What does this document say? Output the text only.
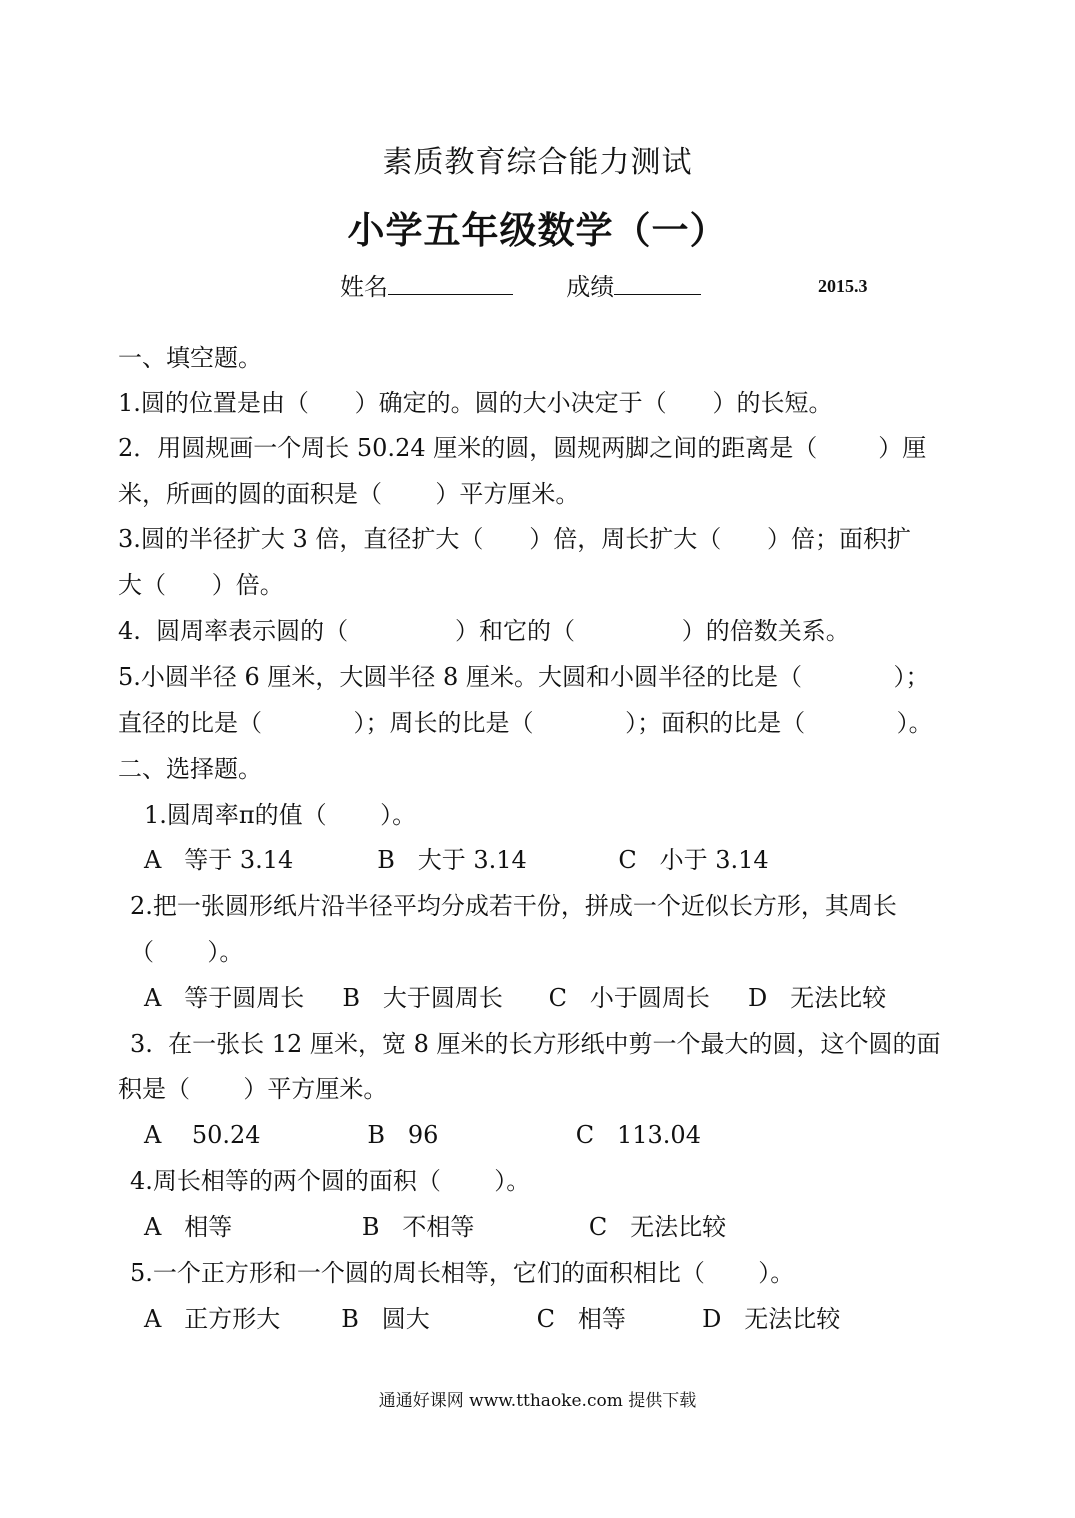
素质教育综合能力测试
小学五年级数学（一）
姓名	成绩	2015.3
一、填空题。
1.圆的位置是由（      ）确定的。圆的大小决定于（      ）的长短。
2．用圆规画一个周长 50.24 厘米的圆，圆规两脚之间的距离是（        ）厘
米，所画的圆的面积是（       ）平方厘米。
3.圆的半径扩大 3 倍，直径扩大（      ）倍，周长扩大（      ）倍；面积扩
大（      ）倍。
4.  圆周率表示圆的（              ）和它的（              ）的倍数关系。
5.小圆半径 6 厘米，大圆半径 8 厘米。大圆和小圆半径的比是（            ）；
直径的比是（            ）；周长的比是（            ）；面积的比是（            ）。
二、选择题。
1.圆周率π的值（       ）。
A   等于 3.14           B   大于 3.14            C   小于 3.14
2.把一张圆形纸片沿半径平均分成若干份，拼成一个近似长方形，其周长
（       ）。
A   等于圆周长     B   大于圆周长      C   小于圆周长     D   无法比较
3.  在一张长 12 厘米，宽 8 厘米的长方形纸中剪一个最大的圆，这个圆的面
积是（       ）平方厘米。
A    50.24              B   96                  C   113.04
4.周长相等的两个圆的面积（       ）。
A   相等                 B   不相等               C   无法比较
5.一个正方形和一个圆的周长相等，它们的面积相比（       ）。
A   正方形大        B   圆大              C   相等          D   无法比较
通通好课网 www.tthaoke.com 提供下载
